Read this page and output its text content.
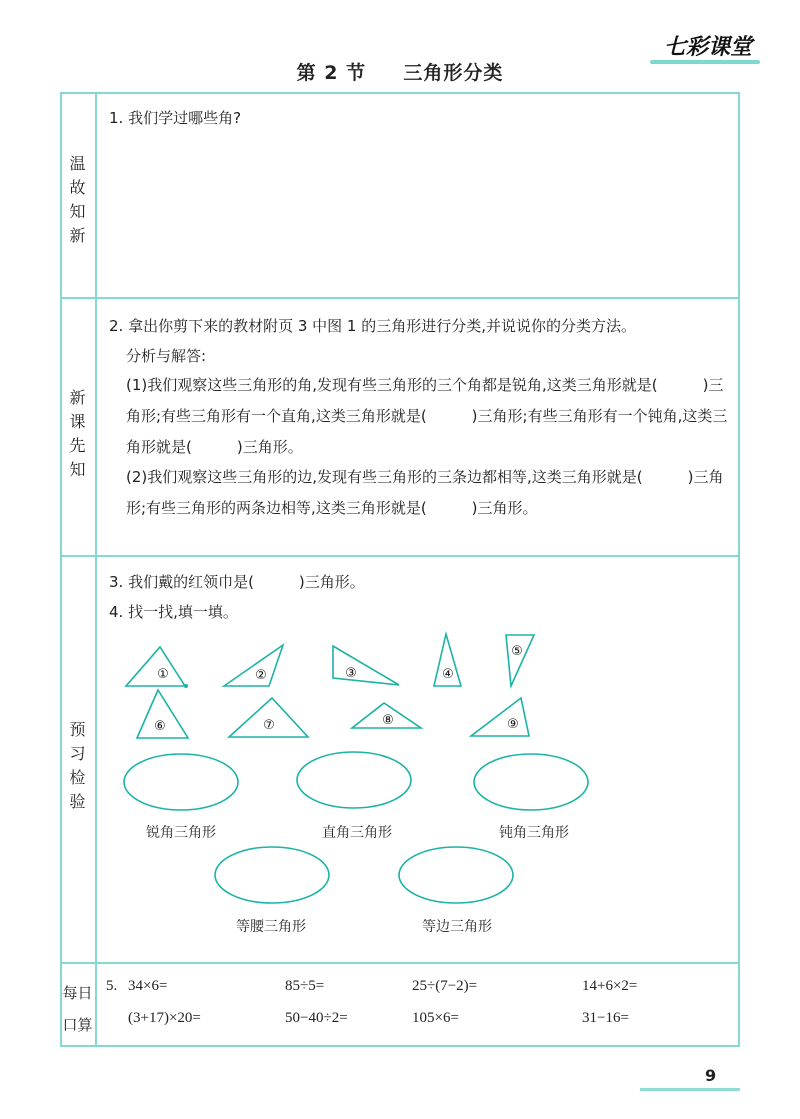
第 2 节 三角形分类
七彩课堂
温故知新
新课先知
预习检验
每日
口算
1. 我们学过哪些角?
2. 拿出你剪下来的教材附页 3 中图 1 的三角形进行分类,并说说你的分类方法。
分析与解答:
(1)我们观察这些三角形的角,发现有些三角形的三个角都是锐角,这类三角形就是(　　　)三角形;有些三角形有一个直角,这类三角形就是(　　　)三角形;有些三角形有一个钝角,这类三角形就是(　　　)三角形。
(2)我们观察这些三角形的边,发现有些三角形的三条边都相等,这类三角形就是(　　　)三角形;有些三角形的两条边相等,这类三角形就是(　　　)三角形。
3. 我们戴的红领巾是(　　　)三角形。
4. 找一找,填一填。
①	②	③	④
⑤
⑥	⑦	⑧	⑨
锐角三角形	直角三角形	钝角三角形
等腰三角形	等边三角形
5. 34×6=	85÷5=	25÷(7−2)=	14+6×2=
(3+17)×20=	50−40÷2=	105×6=	31−16=
9
